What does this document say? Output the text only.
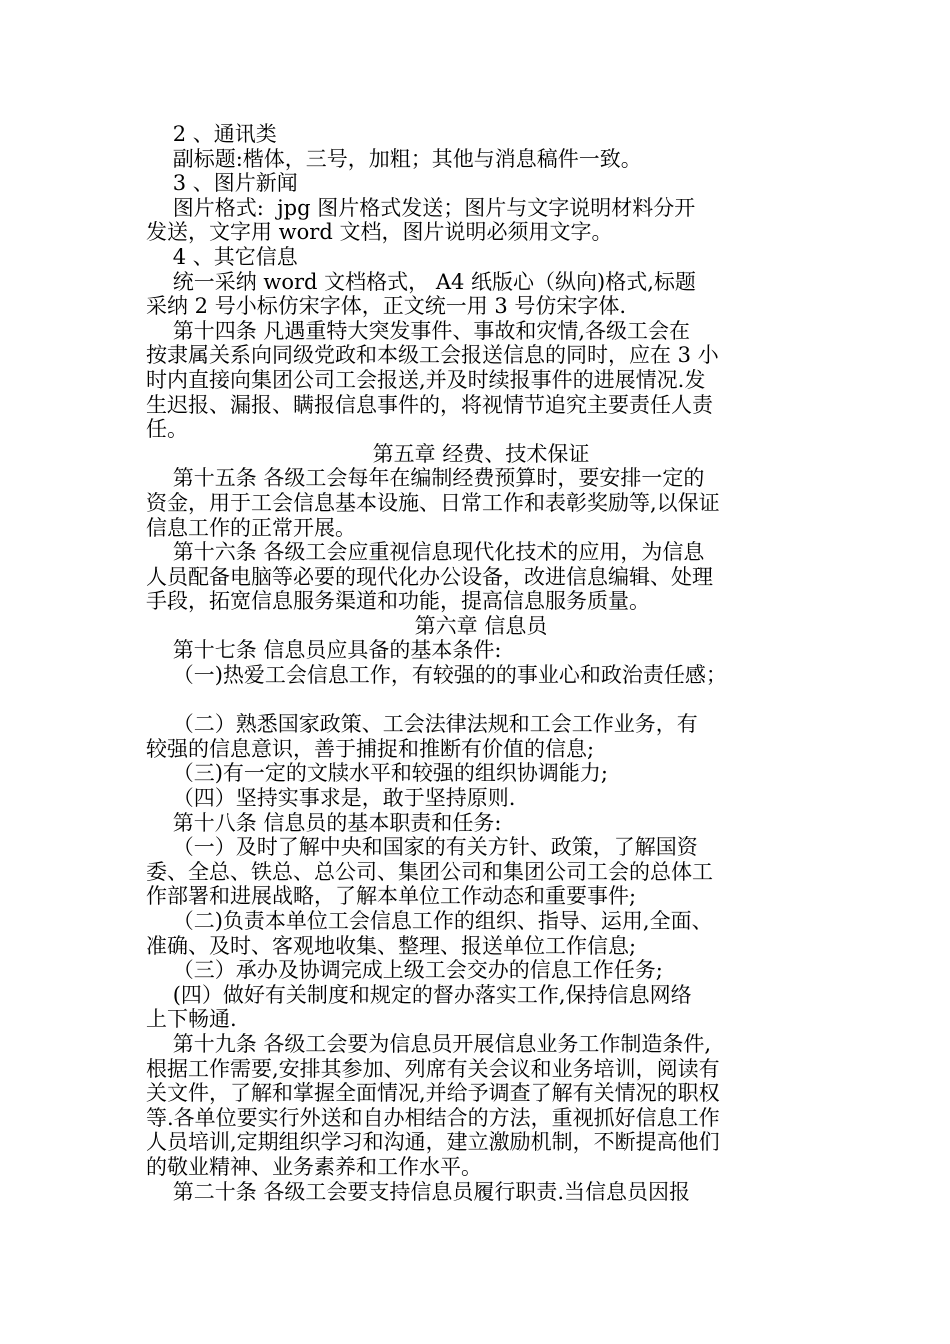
2 、通讯类
副标题:楷体，三号，加粗；其他与消息稿件一致。
3 、图片新闻
图片格式:  jpg 图片格式发送；图片与文字说明材料分开
发送，文字用 word 文档，图片说明必须用文字。
4 、其它信息
统一采纳 word 文档格式， A4 纸版心（纵向)格式,标题
采纳 2 号小标仿宋字体，正文统一用 3 号仿宋字体.
第十四条 凡遇重特大突发事件、事故和灾情,各级工会在
按隶属关系向同级党政和本级工会报送信息的同时，应在 3 小
时内直接向集团公司工会报送,并及时续报事件的进展情况.发
生迟报、漏报、瞒报信息事件的，将视情节追究主要责任人责
任。
第五章 经费、技术保证
第十五条 各级工会每年在编制经费预算时，要安排一定的
资金，用于工会信息基本设施、日常工作和表彰奖励等,以保证
信息工作的正常开展。
第十六条 各级工会应重视信息现代化技术的应用，为信息
人员配备电脑等必要的现代化办公设备，改进信息编辑、处理
手段，拓宽信息服务渠道和功能，提高信息服务质量。
第六章 信息员
第十七条 信息员应具备的基本条件:
（一)热爱工会信息工作，有较强的的事业心和政治责任感；
（二）熟悉国家政策、工会法律法规和工会工作业务，有
较强的信息意识，善于捕捉和推断有价值的信息;
（三)有一定的文牍水平和较强的组织协调能力;
（四）坚持实事求是，敢于坚持原则.
第十八条 信息员的基本职责和任务:
（一）及时了解中央和国家的有关方针、政策，了解国资
委、全总、铁总、总公司、集团公司和集团公司工会的总体工
作部署和进展战略，了解本单位工作动态和重要事件;
（二)负责本单位工会信息工作的组织、指导、运用,全面、
准确、及时、客观地收集、整理、报送单位工作信息;
（三）承办及协调完成上级工会交办的信息工作任务;
(四）做好有关制度和规定的督办落实工作,保持信息网络
上下畅通.
第十九条 各级工会要为信息员开展信息业务工作制造条件,
根据工作需要,安排其参加、列席有关会议和业务培训，阅读有
关文件，了解和掌握全面情况,并给予调查了解有关情况的职权
等.各单位要实行外送和自办相结合的方法，重视抓好信息工作
人员培训,定期组织学习和沟通，建立激励机制，不断提高他们
的敬业精神、业务素养和工作水平。
第二十条 各级工会要支持信息员履行职责.当信息员因报
